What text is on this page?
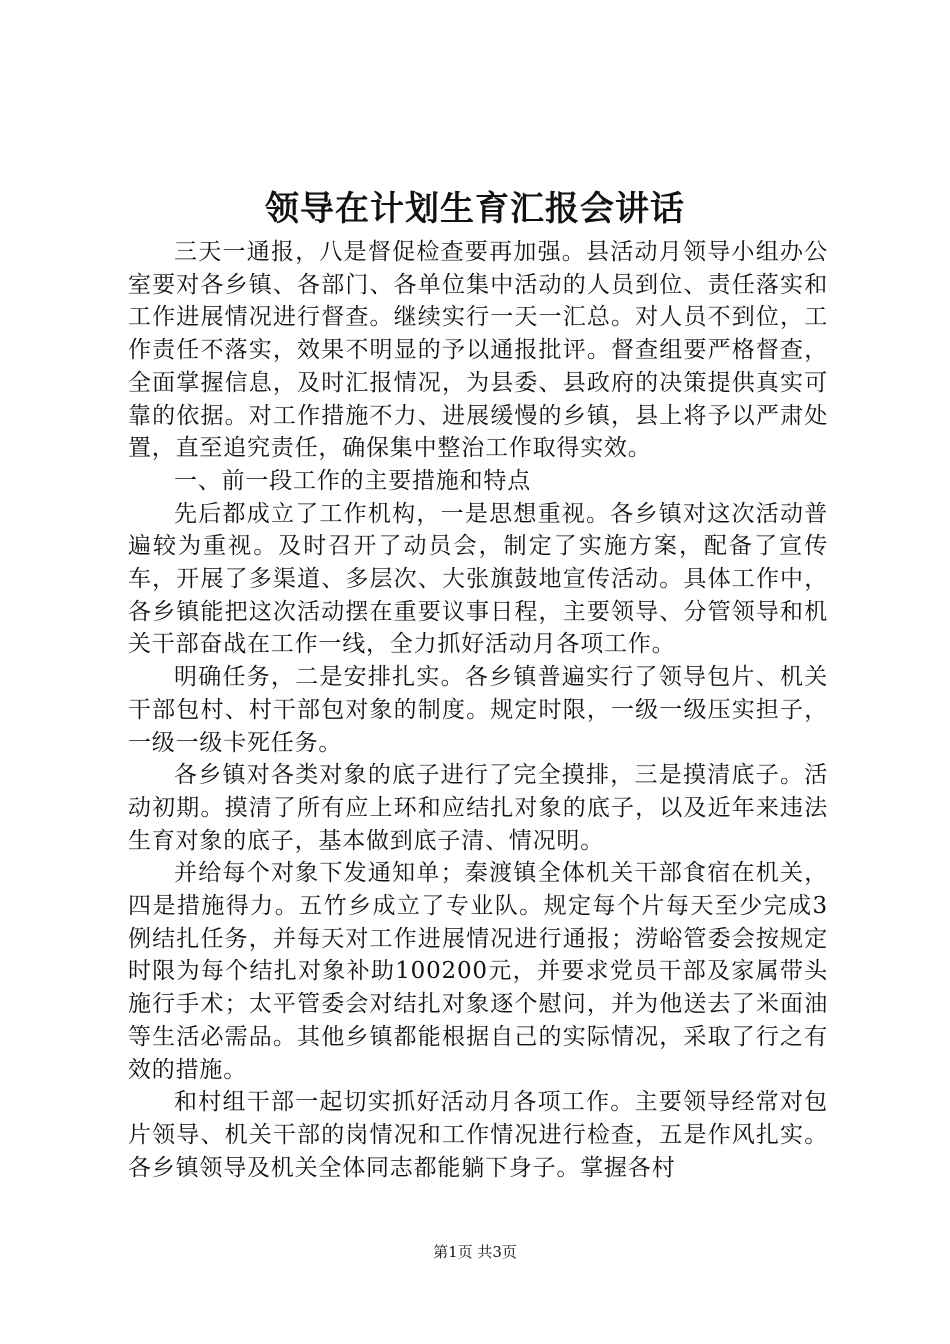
领导在计划生育汇报会讲话

三天一通报，八是督促检查要再加强。县活动月领导小组办公室要对各乡镇、各部门、各单位集中活动的人员到位、责任落实和工作进展情况进行督查。继续实行一天一汇总。对人员不到位，工作责任不落实，效果不明显的予以通报批评。督查组要严格督查，全面掌握信息，及时汇报情况，为县委、县政府的决策提供真实可靠的依据。对工作措施不力、进展缓慢的乡镇，县上将予以严肃处置，直至追究责任，确保集中整治工作取得实效。

一、前一段工作的主要措施和特点

先后都成立了工作机构，一是思想重视。各乡镇对这次活动普遍较为重视。及时召开了动员会，制定了实施方案，配备了宣传车，开展了多渠道、多层次、大张旗鼓地宣传活动。具体工作中，各乡镇能把这次活动摆在重要议事日程，主要领导、分管领导和机关干部奋战在工作一线，全力抓好活动月各项工作。

明确任务，二是安排扎实。各乡镇普遍实行了领导包片、机关干部包村、村干部包对象的制度。规定时限，一级一级压实担子，一级一级卡死任务。

各乡镇对各类对象的底子进行了完全摸排，三是摸清底子。活动初期。摸清了所有应上环和应结扎对象的底子，以及近年来违法生育对象的底子，基本做到底子清、情况明。

并给每个对象下发通知单；秦渡镇全体机关干部食宿在机关，四是措施得力。五竹乡成立了专业队。规定每个片每天至少完成3例结扎任务，并每天对工作进展情况进行通报；涝峪管委会按规定时限为每个结扎对象补助100200元，并要求党员干部及家属带头施行手术；太平管委会对结扎对象逐个慰问，并为他送去了米面油等生活必需品。其他乡镇都能根据自己的实际情况，采取了行之有效的措施。

和村组干部一起切实抓好活动月各项工作。主要领导经常对包片领导、机关干部的岗情况和工作情况进行检查，五是作风扎实。各乡镇领导及机关全体同志都能躺下身子。掌握各村

第1页 共3页
